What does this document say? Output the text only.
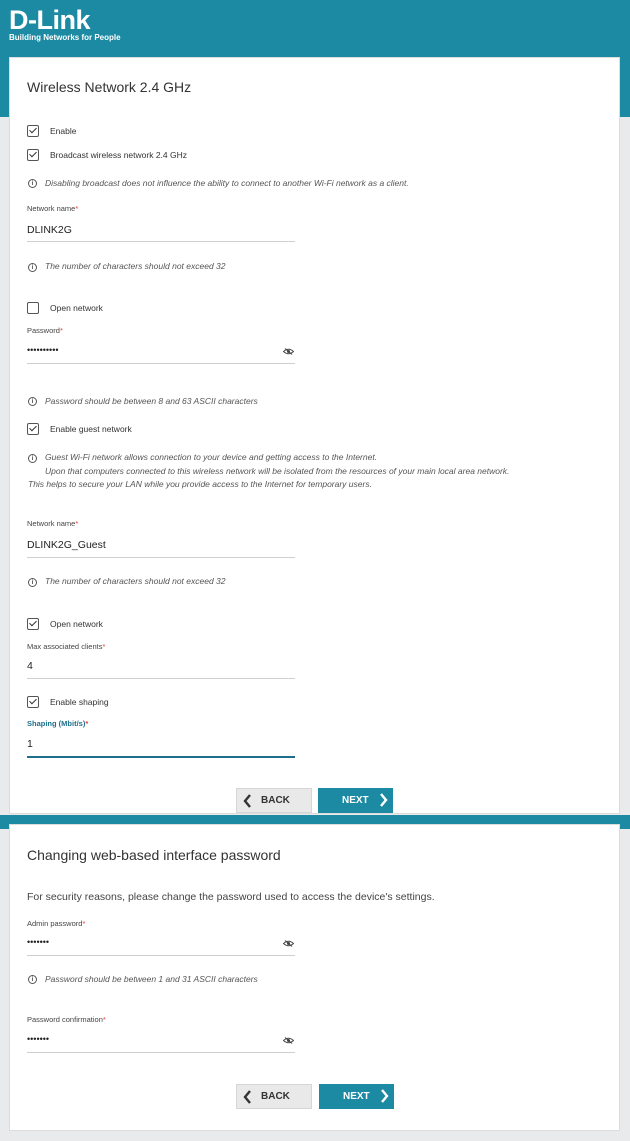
D-Link
Building Networks for People
Wireless Network 2.4 GHz
Enable
Broadcast wireless network 2.4 GHz
i	Disabling broadcast does not influence the ability to connect to another Wi-Fi network as a client.
Network name*
DLINK2G
i	The number of characters should not exceed 32
Open network
Password*
••••••••••
i	Password should be between 8 and 63 ASCII characters
Enable guest network
i	Guest Wi-Fi network allows connection to your device and getting access to the Internet.
Upon that computers connected to this wireless network will be isolated from the resources of your main local area network.
This helps to secure your LAN while you provide access to the Internet for temporary users.
Network name*
DLINK2G_Guest
i	The number of characters should not exceed 32
Open network
Max associated clients*
4
Enable shaping
Shaping (Mbit/s)*
1
BACK	NEXT
Changing web-based interface password
For security reasons, please change the password used to access the device's settings.
Admin password*
•••••••
i	Password should be between 1 and 31 ASCII characters
Password confirmation*
•••••••
BACK	NEXT
